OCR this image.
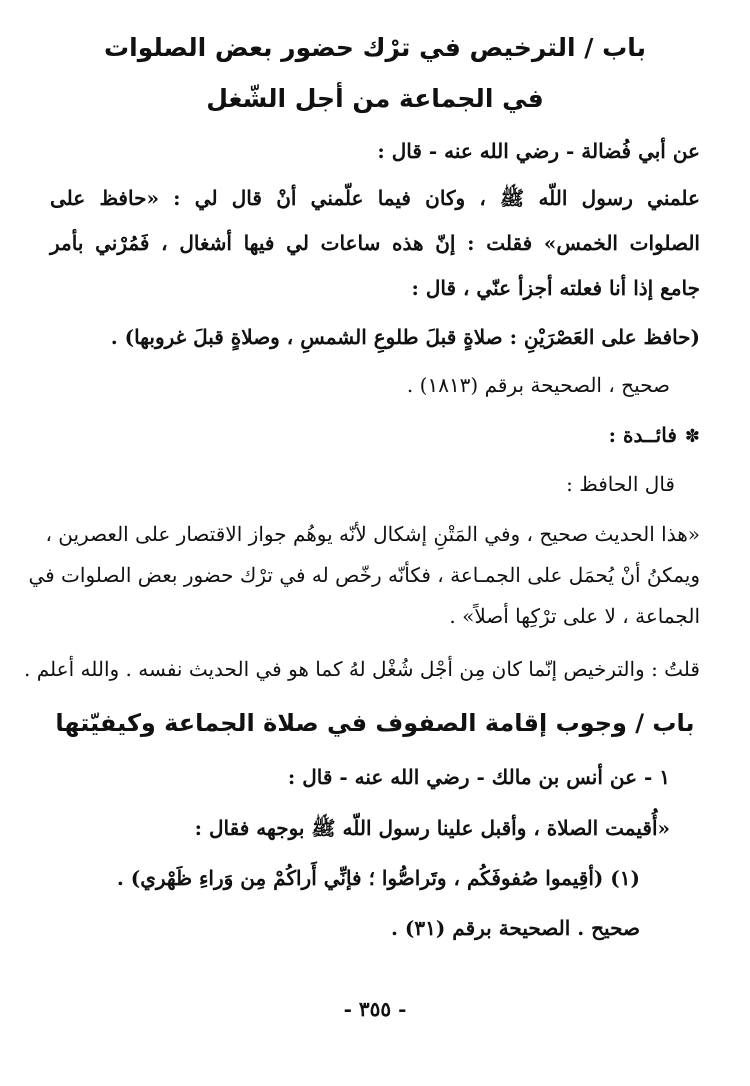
باب / الترخيص في ترْك حضور بعض الصلوات
في الجماعة من أجل الشّغل
عن أبي فُضالة - رضي الله عنه - قال :
علمني رسول اللّه ﷺ ، وكان فيما علّمني أنْ قال لي : «حافظ على
الصلوات الخمس» فقلت : إنّ هذه ساعات لي فيها أشغال ، فَمُرْني بأمر
جامع إذا أنا فعلته أجزأ عنّي ، قال :
(حافظ على العَصْرَيْنِ : صلاةٍ قبلَ طلوعِ الشمسِ ، وصلاةٍ قبلَ غروبها) .
صحيح ، الصحيحة برقم (١٨١٣) .
✽فائــدة :
قال الحافظ :
«هذا الحديث صحيح ، وفي المَتْنِ إشكال لأنّه يوهُم جواز الاقتصار على العصرين ،
ويمكنُ أنْ يُحمَل على الجمـاعة ، فكأنّه رخّص له في ترْك حضور بعض الصلوات في
الجماعة ، لا على ترْكِها أصلاً» .
قلتُ : والترخيص إنّما كان مِن أجْل شُغْل لهُ كما هو في الحديث نفسه . والله أعلم .
باب / وجوب إقامة الصفوف في صلاة الجماعة وكيفيّتها
١ - عن أنس بن مالك - رضي الله عنه - قال :
«أُقيمت الصلاة ، وأقبل علينا رسول اللّه ﷺ بوجهه فقال :
(١) (أقِيموا صُفوفَكُم ، وتَراصُّوا ؛ فإنِّي أَراكُمْ مِن وَراءِ ظَهْري) .
صحيح . الصحيحة برقم (٣١) .
- ٣٥٥ -
